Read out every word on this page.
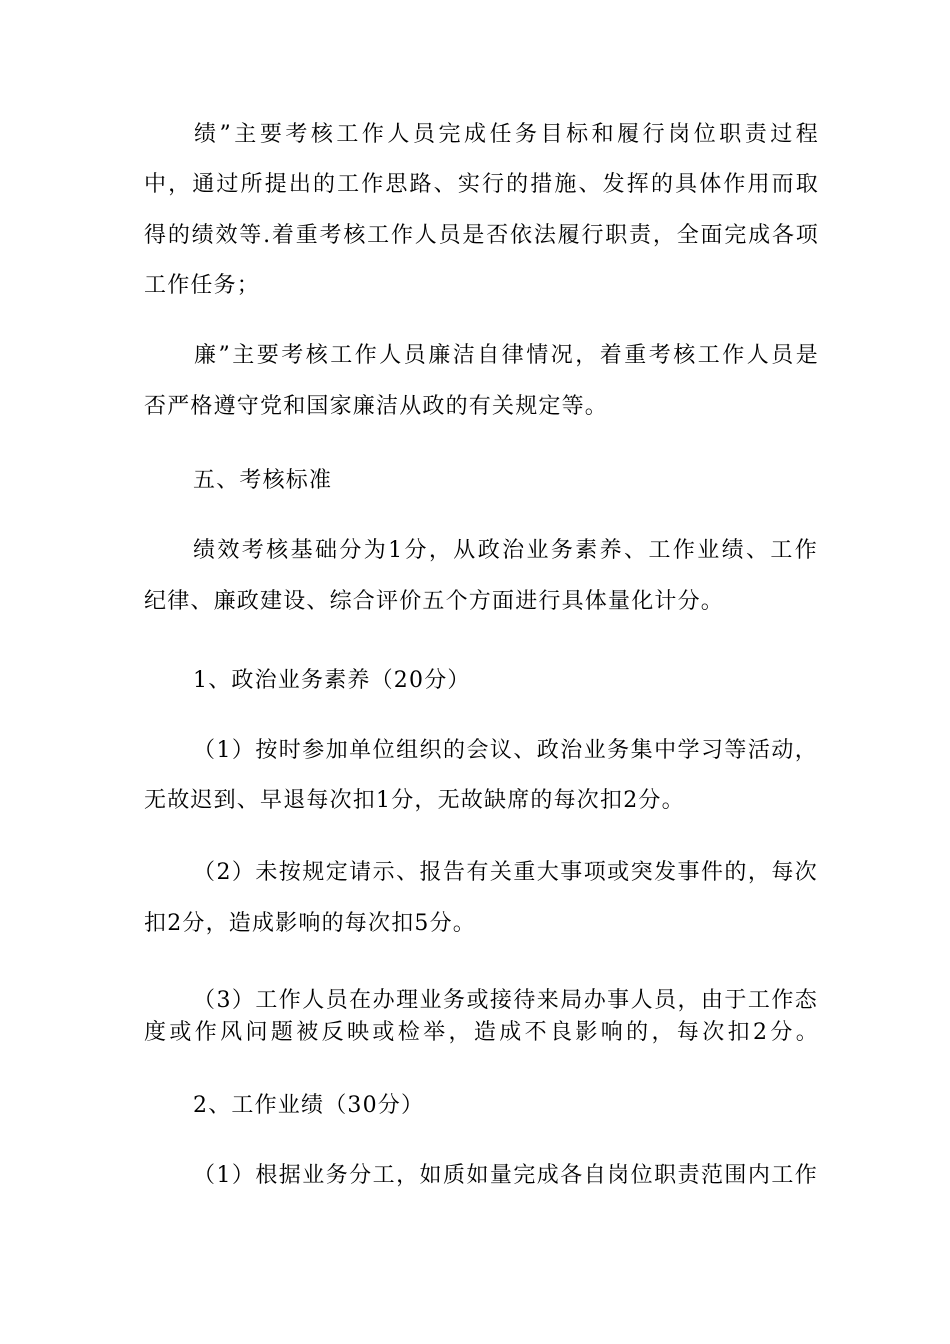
绩”主要考核工作人员完成任务目标和履行岗位职责过程
中，通过所提出的工作思路、实行的措施、发挥的具体作用而取
得的绩效等.着重考核工作人员是否依法履行职责，全面完成各项
工作任务；
廉”主要考核工作人员廉洁自律情况，着重考核工作人员是
否严格遵守党和国家廉洁从政的有关规定等。
五、考核标准
绩效考核基础分为1分，从政治业务素养、工作业绩、工作
纪律、廉政建设、综合评价五个方面进行具体量化计分。
1、政治业务素养（20分）
（1）按时参加单位组织的会议、政治业务集中学习等活动，
无故迟到、早退每次扣1分，无故缺席的每次扣2分。
（2）未按规定请示、报告有关重大事项或突发事件的，每次
扣2分，造成影响的每次扣5分。
（3）工作人员在办理业务或接待来局办事人员，由于工作态
度或作风问题被反映或检举，造成不良影响的，每次扣2分。
2、工作业绩（30分）
（1）根据业务分工，如质如量完成各自岗位职责范围内工作
